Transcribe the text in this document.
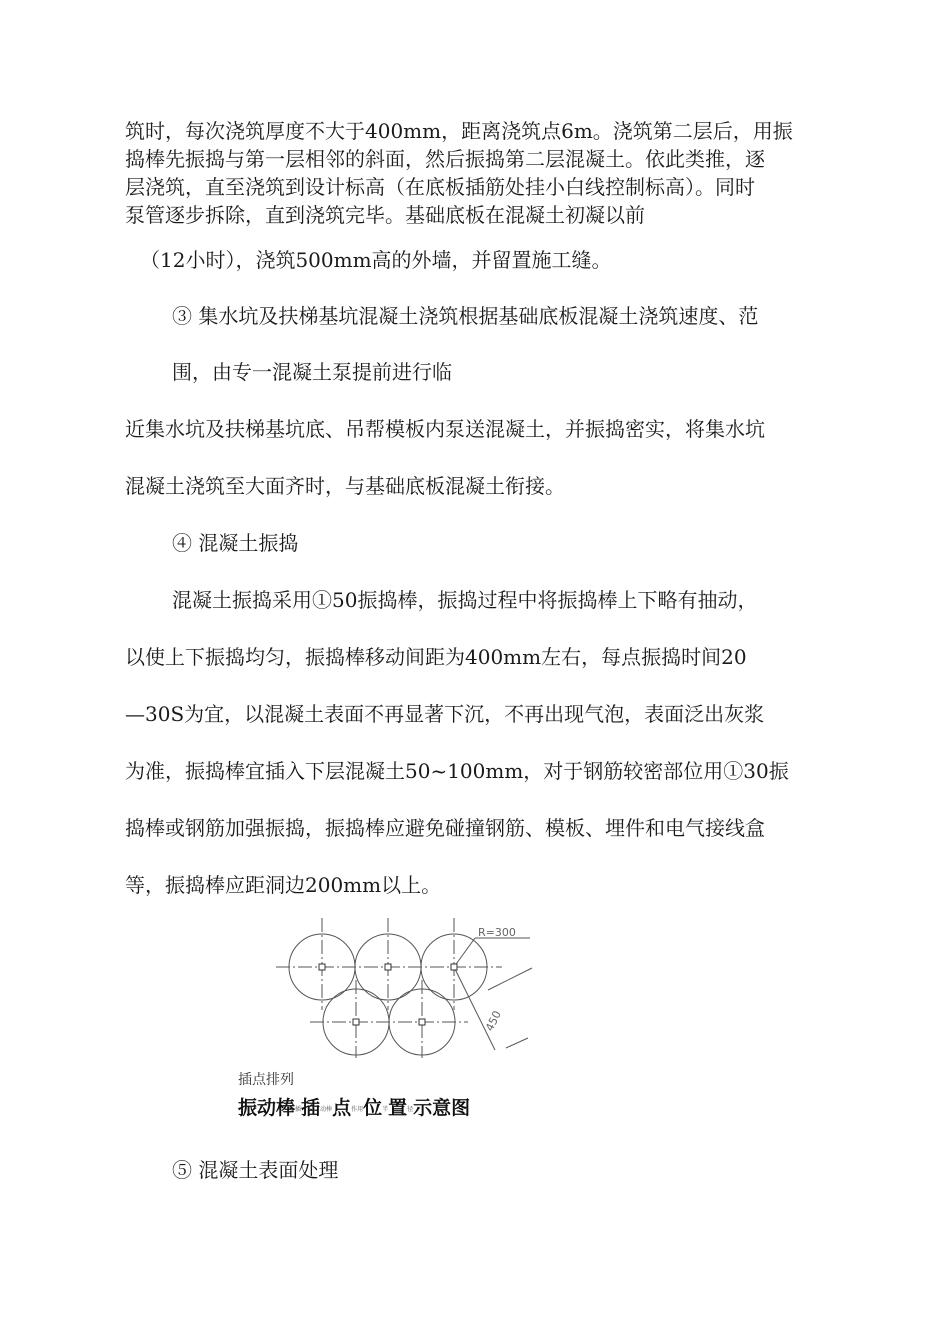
筑时，每次浇筑厚度不大于400mm，距离浇筑点6m。浇筑第二层后，用振

捣棒先振捣与第一层相邻的斜面，然后振捣第二层混凝土。依此类推，逐

层浇筑，直至浇筑到设计标高（在底板插筋处挂小白线控制标高）。同时

泵管逐步拆除，直到浇筑完毕。基础底板在混凝土初凝以前

（12小时），浇筑500mm高的外墙，并留置施工缝。

③ 集水坑及扶梯基坑混凝土浇筑根据基础底板混凝土浇筑速度、范

围，由专一混凝土泵提前进行临

近集水坑及扶梯基坑底、吊帮模板内泵送混凝土，并振捣密实，将集水坑

混凝土浇筑至大面齐时，与基础底板混凝土衔接。

④ 混凝土振捣

混凝土振捣采用①50振捣棒，振捣过程中将振捣棒上下略有抽动，

以使上下振捣均匀，振捣棒移动间距为400mm左右，每点振捣时间20

—30S为宜，以混凝土表面不再显著下沉，不再出现气泡，表面泛出灰浆

为准，振捣棒宜插入下层混凝土50~100mm，对于钢筋较密部位用①30振

捣棒或钢筋加强振捣，振捣棒应避免碰撞钢筋、模板、埋件和电气接线盒

等，振捣棒应距洞边200mm以上。

R=300
450

插点排列

振动棒插插动棒点作用位半置径示意图

⑤ 混凝土表面处理
